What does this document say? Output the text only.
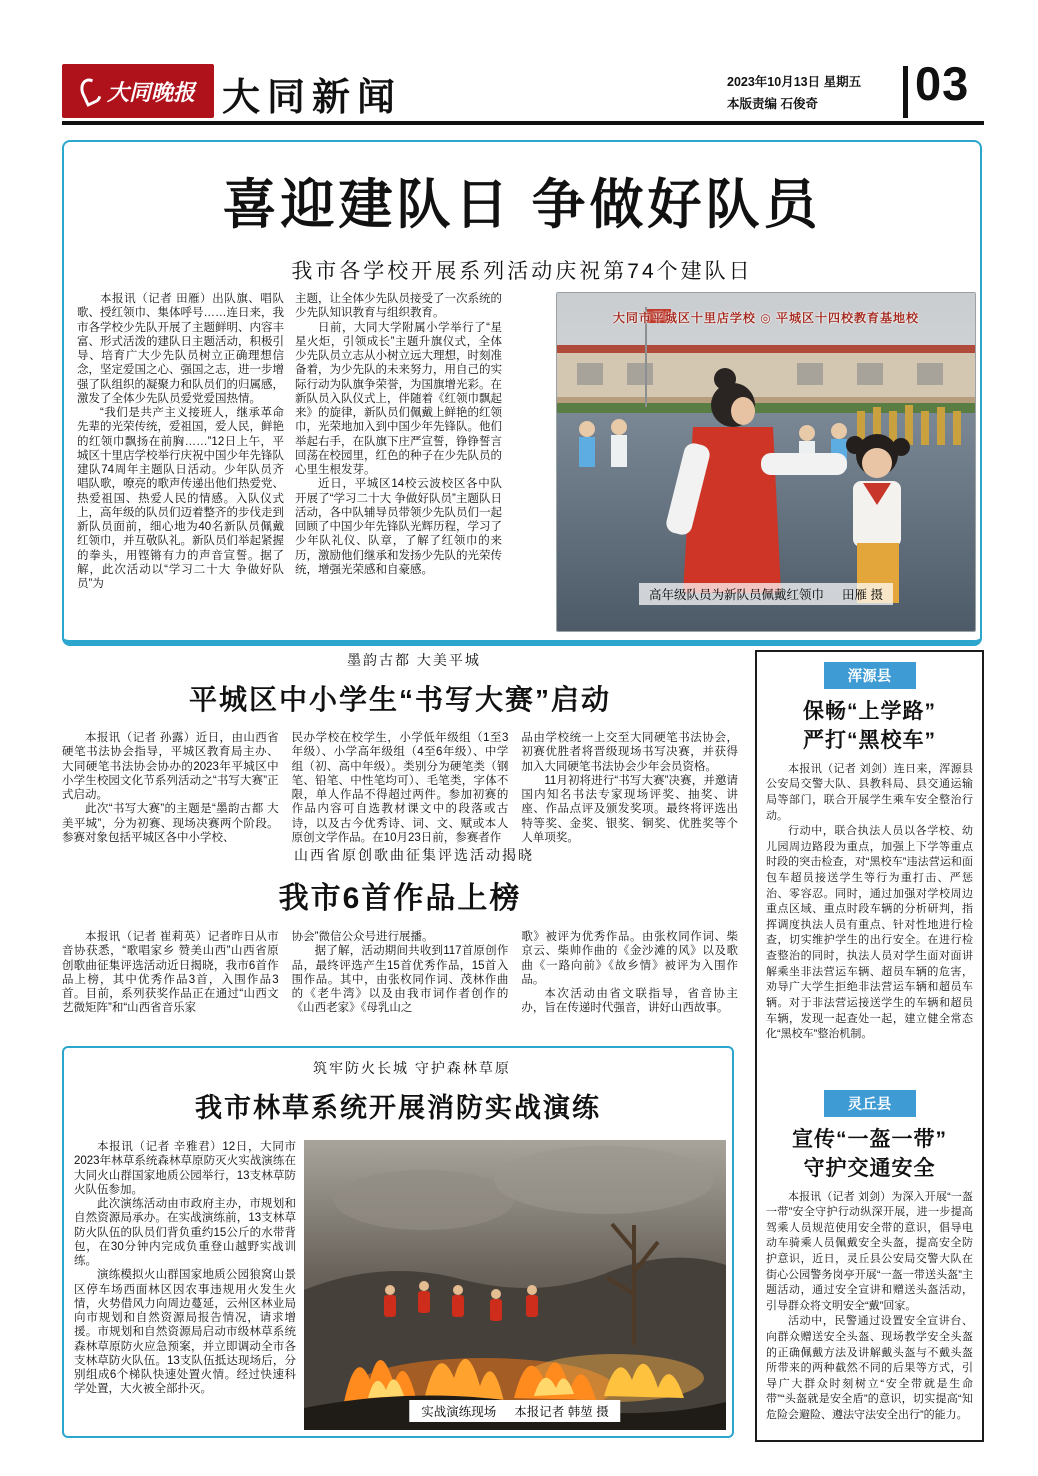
大同晚报 大同新闻	2023年10月13日 星期五
本版责编 石俊奇	03
喜迎建队日 争做好队员
我市各学校开展系列活动庆祝第74个建队日

本报讯（记者 田雁）出队旗、唱队歌、授红领巾、集体呼号……连日来，我市各学校少先队开展了主题鲜明、内容丰富、形式活泼的建队日主题活动，积极引导、培育广大少先队员树立正确理想信念，坚定爱国之心、强国之志，进一步增强了队组织的凝聚力和队员们的归属感，激发了全体少先队员爱党爱国热情。

“我们是共产主义接班人，继承革命先辈的光荣传统，爱祖国，爱人民，鲜艳的红领巾飘扬在前胸……”12日上午，平城区十里店学校举行庆祝中国少年先锋队建队74周年主题队日活动。少年队员齐唱队歌，嘹亮的歌声传递出他们热爱党、热爱祖国、热爱人民的情感。入队仪式上，高年级的队员们迈着整齐的步伐走到新队员面前，细心地为40名新队员佩戴红领巾，并互敬队礼。新队员们举起紧握的拳头，用铿锵有力的声音宣誓。据了解，此次活动以“学习二十大 争做好队员”为

主题，让全体少先队员接受了一次系统的少先队知识教育与组织教育。

日前，大同大学附属小学举行了“星星火炬，引领成长”主题升旗仪式，全体少先队员立志从小树立远大理想，时刻准备着，为少先队的未来努力，用自己的实际行动为队旗争荣誉，为国旗增光彩。在新队员入队仪式上，伴随着《红领巾飘起来》的旋律，新队员们佩戴上鲜艳的红领巾，光荣地加入到中国少年先锋队。他们举起右手，在队旗下庄严宣誓，铮铮誓言回荡在校园里，红色的种子在少先队员的心里生根发芽。

近日，平城区14校云波校区各中队开展了“学习二十大 争做好队员”主题队日活动，各中队辅导员带领少先队员们一起回顾了中国少年先锋队光辉历程，学习了少年队礼仪、队章，了解了红领巾的来历，激励他们继承和发扬少先队的光荣传统，增强光荣感和自豪感。

大同市平城区十里店学校 ◎ 平城区十四校教育基地校
高年级队员为新队员佩戴红领巾 田雁 摄

墨韵古都 大美平城

平城区中小学生“书写大赛”启动

本报讯（记者 孙露）近日，由山西省硬笔书法协会指导，平城区教育局主办、大同硬笔书法协会协办的2023年平城区中小学生校园文化节系列活动之“书写大赛”正式启动。

此次“书写大赛”的主题是“墨韵古都 大美平城”，分为初赛、现场决赛两个阶段。参赛对象包括平城区各中小学校、

民办学校在校学生，小学低年级组（1至3年级）、小学高年级组（4至6年级）、中学组（初、高中年级）。类别分为硬笔类（钢笔、铅笔、中性笔均可）、毛笔类，字体不限，单人作品不得超过两件。参加初赛的作品内容可自选教材课文中的段落或古诗，以及古今优秀诗、词、文、赋或本人原创文学作品。在10月23日前，参赛者作

品由学校统一上交至大同硬笔书法协会，初赛优胜者将晋级现场书写决赛，并获得加入大同硬笔书法协会少年会员资格。

11月初将进行“书写大赛”决赛，并邀请国内知名书法专家现场评奖、抽奖、讲座、作品点评及颁发奖项。最终将评选出特等奖、金奖、银奖、铜奖、优胜奖等个人单项奖。

山西省原创歌曲征集评选活动揭晓

我市6首作品上榜

本报讯（记者 崔莉英）记者昨日从市音协获悉，“歌唱家乡 赞美山西”山西省原创歌曲征集评选活动近日揭晓，我市6首作品上榜，其中优秀作品3首，入围作品3首。目前，系列获奖作品正在通过“山西文艺微矩阵”和“山西省音乐家

协会”微信公众号进行展播。

据了解，活动期间共收到117首原创作品，最终评选产生15首优秀作品，15首入围作品。其中，由张枚同作词、茂林作曲的《老牛湾》以及由我市词作者创作的《山西老家》《母乳山之

歌》被评为优秀作品。由张枚同作词、柴京云、柴帅作曲的《金沙滩的风》以及歌曲《一路向前》《故乡情》被评为入围作品。

本次活动由省文联指导，省音协主办，旨在传递时代强音，讲好山西故事。

筑牢防火长城 守护森林草原

我市林草系统开展消防实战演练

本报讯（记者 辛雅君）12日，大同市2023年林草系统森林草原防灭火实战演练在大同火山群国家地质公园举行，13支林草防火队伍参加。

此次演练活动由市政府主办，市规划和自然资源局承办。在实战演练前，13支林草防火队伍的队员们背负重约15公斤的水带背包，在30分钟内完成负重登山越野实战训练。

演练模拟火山群国家地质公园狼窝山景区停车场西面林区因农事违规用火发生火情，火势借风力向周边蔓延，云州区林业局向市规划和自然资源局报告情况，请求增援。市规划和自然资源局启动市级林草系统森林草原防火应急预案，并立即调动全市各支林草防火队伍。13支队伍抵达现场后，分别组成6个梯队快速处置火情。经过快速科学处置，大火被全部扑灭。

实战演练现场 本报记者 韩堃 摄
浑源县
保畅“上学路”
严打“黑校车”

本报讯（记者 刘剑）连日来，浑源县公安局交警大队、县教科局、县交通运输局等部门，联合开展学生乘车安全整治行动。

行动中，联合执法人员以各学校、幼儿园周边路段为重点，加强上下学等重点时段的突击检查，对“黑校车”违法营运和面包车超员接送学生等行为重打击、严惩治、零容忍。同时，通过加强对学校周边重点区域、重点时段车辆的分析研判，指挥调度执法人员有重点、针对性地进行检查，切实维护学生的出行安全。在进行检查整治的同时，执法人员对学生面对面讲解乘坐非法营运车辆、超员车辆的危害，劝导广大学生拒绝非法营运车辆和超员车辆。对于非法营运接送学生的车辆和超员车辆，发现一起查处一起，建立健全常态化“黑校车”整治机制。

灵丘县
宣传“一盔一带”
守护交通安全

本报讯（记者 刘剑）为深入开展“一盔一带”安全守护行动纵深开展，进一步提高驾乘人员规范使用安全带的意识，倡导电动车骑乘人员佩戴安全头盔，提高安全防护意识，近日，灵丘县公安局交警大队在街心公园警务岗亭开展“一盔一带送头盔”主题活动，通过安全宣讲和赠送头盔活动，引导群众将文明安全“戴”回家。

活动中，民警通过设置安全宣讲台、向群众赠送安全头盔、现场教学安全头盔的正确佩戴方法及讲解戴头盔与不戴头盔所带来的两种截然不同的后果等方式，引导广大群众时刻树立“安全带就是生命带”“头盔就是安全盾”的意识，切实提高“知危险会避险、遵法守法安全出行”的能力。
